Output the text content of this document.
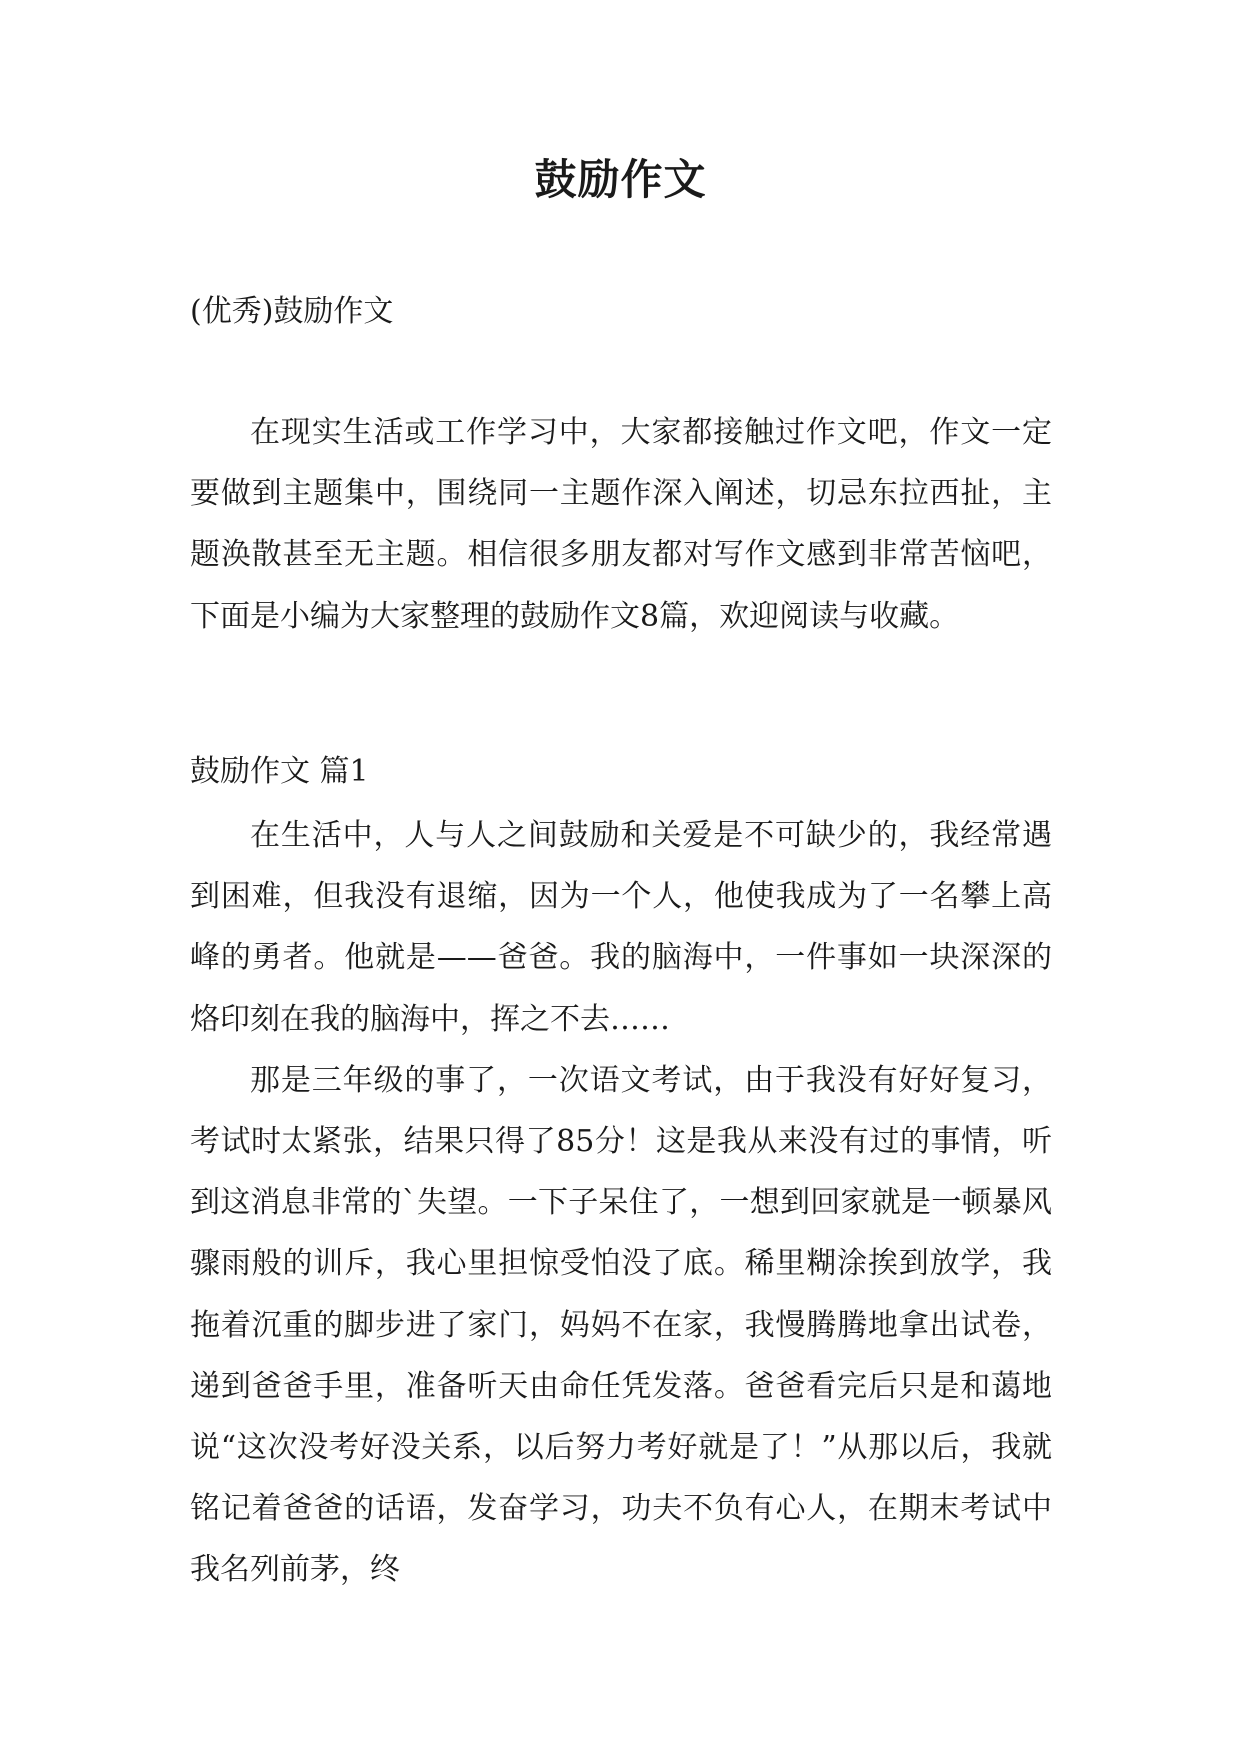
鼓励作文

(优秀)鼓励作文

在现实生活或工作学习中，大家都接触过作文吧，作文一定要做到主题集中，围绕同一主题作深入阐述，切忌东拉西扯，主题涣散甚至无主题。相信很多朋友都对写作文感到非常苦恼吧，下面是小编为大家整理的鼓励作文8篇，欢迎阅读与收藏。

鼓励作文 篇1

在生活中，人与人之间鼓励和关爱是不可缺少的，我经常遇到困难，但我没有退缩，因为一个人，他使我成为了一名攀上高峰的勇者。他就是——爸爸。我的脑海中，一件事如一块深深的烙印刻在我的脑海中，挥之不去……

那是三年级的事了，一次语文考试，由于我没有好好复习，考试时太紧张，结果只得了85分！这是我从来没有过的事情，听到这消息非常的`失望。一下子呆住了，一想到回家就是一顿暴风骤雨般的训斥，我心里担惊受怕没了底。稀里糊涂挨到放学，我拖着沉重的脚步进了家门，妈妈不在家，我慢腾腾地拿出试卷，递到爸爸手里，准备听天由命任凭发落。爸爸看完后只是和蔼地说“这次没考好没关系，以后努力考好就是了！”从那以后，我就铭记着爸爸的话语，发奋学习，功夫不负有心人，在期末考试中我名列前茅，终
